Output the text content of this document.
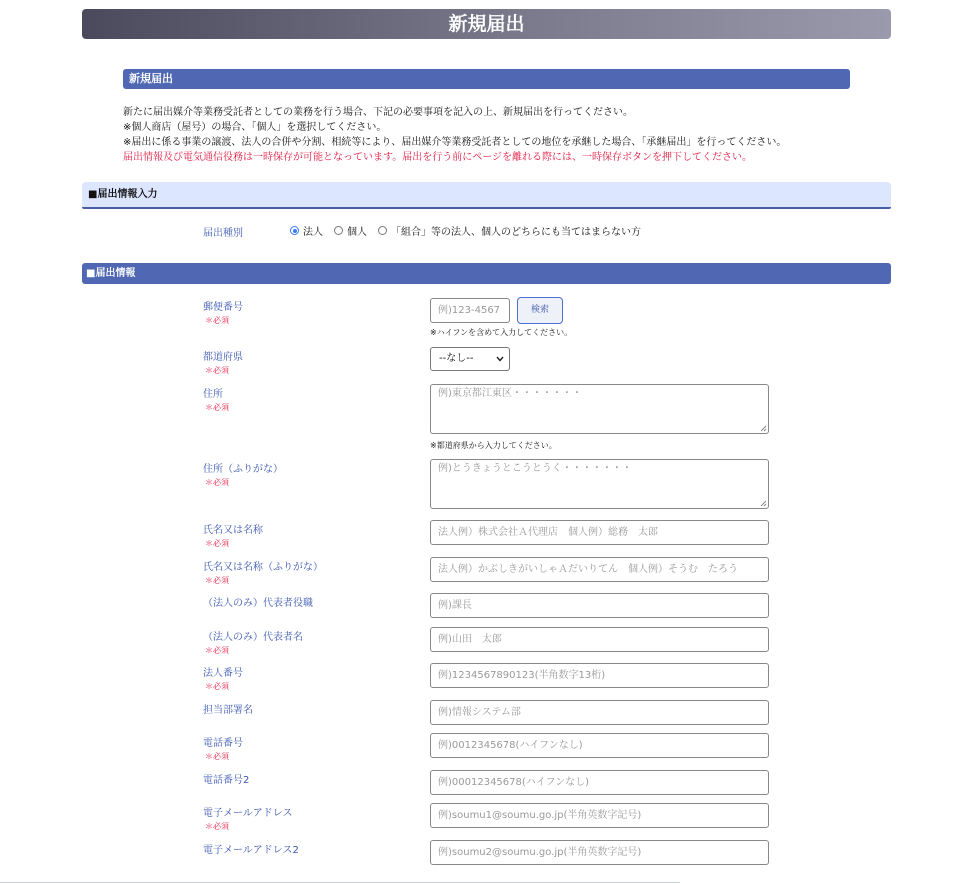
新規届出
新規届出
新たに届出媒介等業務受託者としての業務を行う場合、下記の必要事項を記入の上、新規届出を行ってください。
※個人商店（屋号）の場合、「個人」を選択してください。
※届出に係る事業の譲渡、法人の合併や分割、相続等により、届出媒介等業務受託者としての地位を承継した場合、「承継届出」を行ってください。
届出情報及び電気通信役務は一時保存が可能となっています。届出を行う前にページを離れる際には、一時保存ボタンを押下してください。
■届出情報入力
届出種別	法人 個人 「組合」等の法人、個人のどちらにも当てはまらない方
■届出情報
郵便番号
＊必須
例)123-4567	検索
※ハイフンを含めて入力してください。
都道府県
＊必須
--なし--
住所
＊必須
例)東京都江東区・・・・・・・
※都道府県から入力してください。
住所（ふりがな）
＊必須
例)とうきょうとこうとうく・・・・・・・
氏名又は名称
＊必須
法人例）株式会社Ａ代理店　個人例）総務　太郎
氏名又は名称（ふりがな）
＊必須
法人例）かぶしきがいしゃＡだいりてん　個人例）そうむ　たろう
（法人のみ）代表者役職	例)課長
（法人のみ）代表者名
＊必須
例)山田　太郎
法人番号
＊必須
例)1234567890123(半角数字13桁)
担当部署名	例)情報システム部
電話番号
＊必須
例)0012345678(ハイフンなし)
電話番号2	例)00012345678(ハイフンなし)
電子メールアドレス
＊必須
例)soumu1@soumu.go.jp(半角英数字記号)
電子メールアドレス2	例)soumu2@soumu.go.jp(半角英数字記号)
